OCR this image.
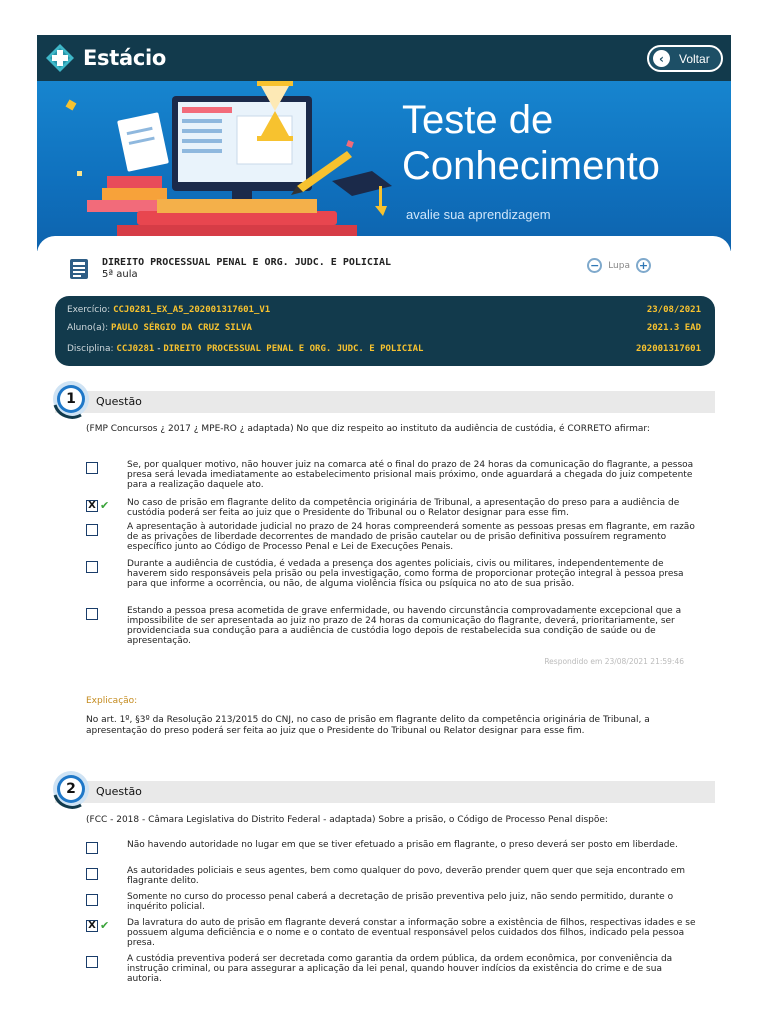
Estácio	‹	Voltar
Teste de
Conhecimento
avalie sua aprendizagem
DIREITO PROCESSUAL PENAL E ORG. JUDC. E POLICIAL
5ª aula
− Lupa +
Exercício: CCJ0281_EX_A5_202001317601_V1	23/08/2021
Aluno(a): PAULO SÉRGIO DA CRUZ SILVA	2021.3 EAD
Disciplina: CCJ0281 - DIREITO PROCESSUAL PENAL E ORG. JUDC. E POLICIAL	202001317601
1	Questão
(FMP Concursos ¿ 2017 ¿ MPE-RO ¿ adaptada) No que diz respeito ao instituto da audiência de custódia, é CORRETO afirmar:
Se, por qualquer motivo, não houver juiz na comarca até o final do prazo de 24 horas da comunicação do flagrante, a pessoa presa será levada imediatamente ao estabelecimento prisional mais próximo, onde aguardará a chegada do juiz competente para a realização daquele ato.
X ✔ No caso de prisão em flagrante delito da competência originária de Tribunal, a apresentação do preso para a audiência de custódia poderá ser feita ao juiz que o Presidente do Tribunal ou o Relator designar para esse fim.
A apresentação à autoridade judicial no prazo de 24 horas compreenderá somente as pessoas presas em flagrante, em razão de as privações de liberdade decorrentes de mandado de prisão cautelar ou de prisão definitiva possuírem regramento específico junto ao Código de Processo Penal e Lei de Execuções Penais.
Durante a audiência de custódia, é vedada a presença dos agentes policiais, civis ou militares, independentemente de haverem sido responsáveis pela prisão ou pela investigação, como forma de proporcionar proteção integral à pessoa presa para que informe a ocorrência, ou não, de alguma violência física ou psíquica no ato de sua prisão.
Estando a pessoa presa acometida de grave enfermidade, ou havendo circunstância comprovadamente excepcional que a impossibilite de ser apresentada ao juiz no prazo de 24 horas da comunicação do flagrante, deverá, prioritariamente, ser providenciada sua condução para a audiência de custódia logo depois de restabelecida sua condição de saúde ou de apresentação.
Respondido em 23/08/2021 21:59:46
Explicação:
No art. 1º, §3º da Resolução 213/2015 do CNJ, no caso de prisão em flagrante delito da competência originária de Tribunal, a apresentação do preso poderá ser feita ao juiz que o Presidente do Tribunal ou Relator designar para esse fim.
2	Questão
(FCC - 2018 - Câmara Legislativa do Distrito Federal - adaptada) Sobre a prisão, o Código de Processo Penal dispõe:
Não havendo autoridade no lugar em que se tiver efetuado a prisão em flagrante, o preso deverá ser posto em liberdade.
As autoridades policiais e seus agentes, bem como qualquer do povo, deverão prender quem quer que seja encontrado em flagrante delito.
Somente no curso do processo penal caberá a decretação de prisão preventiva pelo juiz, não sendo permitido, durante o inquérito policial.
X ✔ Da lavratura do auto de prisão em flagrante deverá constar a informação sobre a existência de filhos, respectivas idades e se possuem alguma deficiência e o nome e o contato de eventual responsável pelos cuidados dos filhos, indicado pela pessoa presa.
A custódia preventiva poderá ser decretada como garantia da ordem pública, da ordem econômica, por conveniência da instrução criminal, ou para assegurar a aplicação da lei penal, quando houver indícios da existência do crime e de sua autoria.
